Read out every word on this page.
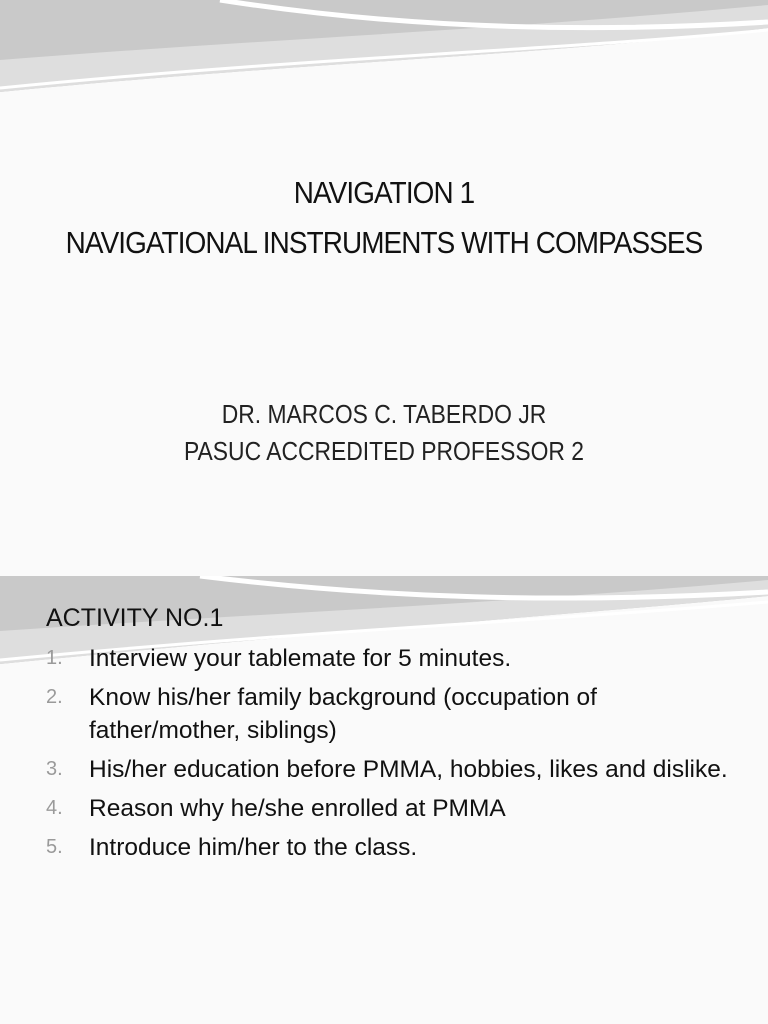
NAVIGATION 1
NAVIGATIONAL INSTRUMENTS WITH COMPASSES
DR. MARCOS C. TABERDO JR
PASUC ACCREDITED PROFESSOR 2
ACTIVITY NO.1
1.	Interview your tablemate for 5 minutes.
2.	Know his/her family background (occupation of father/mother, siblings)
3.	His/her education before PMMA, hobbies, likes and dislike.
4.	Reason why he/she enrolled at PMMA
5.	Introduce him/her to the class.
